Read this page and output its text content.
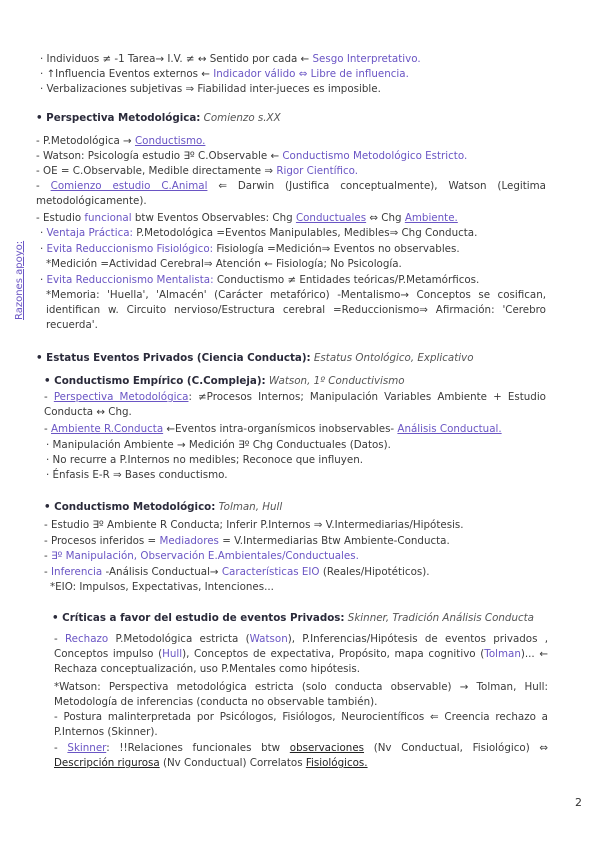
Razones apoyo:
· Individuos ≠ -1 Tarea→ I.V. ≠ ↔ Sentido por cada ← Sesgo Interpretativo.
· ↑Influencia Eventos externos ← Indicador válido ⇔ Libre de influencia.
· Verbalizaciones subjetivas ⇒ Fiabilidad inter-jueces es imposible.
• Perspectiva Metodológica: Comienzo s.XX
- P.Metodológica → Conductismo.
- Watson: Psicología estudio ∃º C.Observable ← Conductismo Metodológico Estricto.
- OE = C.Observable, Medible directamente ⇒ Rigor Científico.
- Comienzo estudio C.Animal ⇐ Darwin (Justifica conceptualmente), Watson (Legitima metodológicamente).
- Estudio funcional btw Eventos Observables: Chg Conductuales ⇔ Chg Ambiente.
· Ventaja Práctica: P.Metodológica =Eventos Manipulables, Medibles⇒ Chg Conducta.
· Evita Reduccionismo Fisiológico: Fisiología =Medición⇒ Eventos no observables.
*Medición =Actividad Cerebral⇒ Atención ← Fisiología; No Psicología.
· Evita Reduccionismo Mentalista: Conductismo ≠ Entidades teóricas/P.Metamórficos.
*Memoria: 'Huella', 'Almacén' (Carácter metafórico) -Mentalismo→ Conceptos se cosifican, identifican w. Circuito nervioso/Estructura cerebral =Reduccionismo⇒ Afirmación: 'Cerebro recuerda'.
• Estatus Eventos Privados (Ciencia Conducta): Estatus Ontológico, Explicativo
• Conductismo Empírico (C.Compleja): Watson, 1º Conductivismo
- Perspectiva Metodológica: ≠Procesos Internos; Manipulación Variables Ambiente + Estudio Conducta ↔ Chg.
- Ambiente R.Conducta ←Eventos intra-organísmicos inobservables- Análisis Conductual.
· Manipulación Ambiente → Medición ∃º Chg Conductuales (Datos).
· No recurre a P.Internos no medibles; Reconoce que influyen.
· Énfasis E-R ⇒ Bases conductismo.
• Conductismo Metodológico: Tolman, Hull
- Estudio ∃º Ambiente R Conducta; Inferir P.Internos ⇒ V.Intermediarias/Hipótesis.
- Procesos inferidos = Mediadores = V.Intermediarias Btw Ambiente-Conducta.
- ∃º Manipulación, Observación E.Ambientales/Conductuales.
- Inferencia -Análisis Conductual→ Características EIO (Reales/Hipotéticos).
*EIO: Impulsos, Expectativas, Intenciones...
• Críticas a favor del estudio de eventos Privados: Skinner, Tradición Análisis Conducta
- Rechazo P.Metodológica estricta (Watson), P.Inferencias/Hipótesis de eventos privados , Conceptos impulso (Hull), Conceptos de expectativa, Propósito, mapa cognitivo (Tolman)... ← Rechaza conceptualización, uso P.Mentales como hipótesis.
*Watson: Perspectiva metodológica estricta (solo conducta observable) → Tolman, Hull: Metodología de inferencias (conducta no observable también).
- Postura malinterpretada por Psicólogos, Fisiólogos, Neurocientíficos ⇐ Creencia rechazo a P.Internos (Skinner).
- Skinner: !!Relaciones funcionales btw observaciones (Nv Conductual, Fisiológico) ⇔ Descripción rigurosa (Nv Conductual) Correlatos Fisiológicos.
2
